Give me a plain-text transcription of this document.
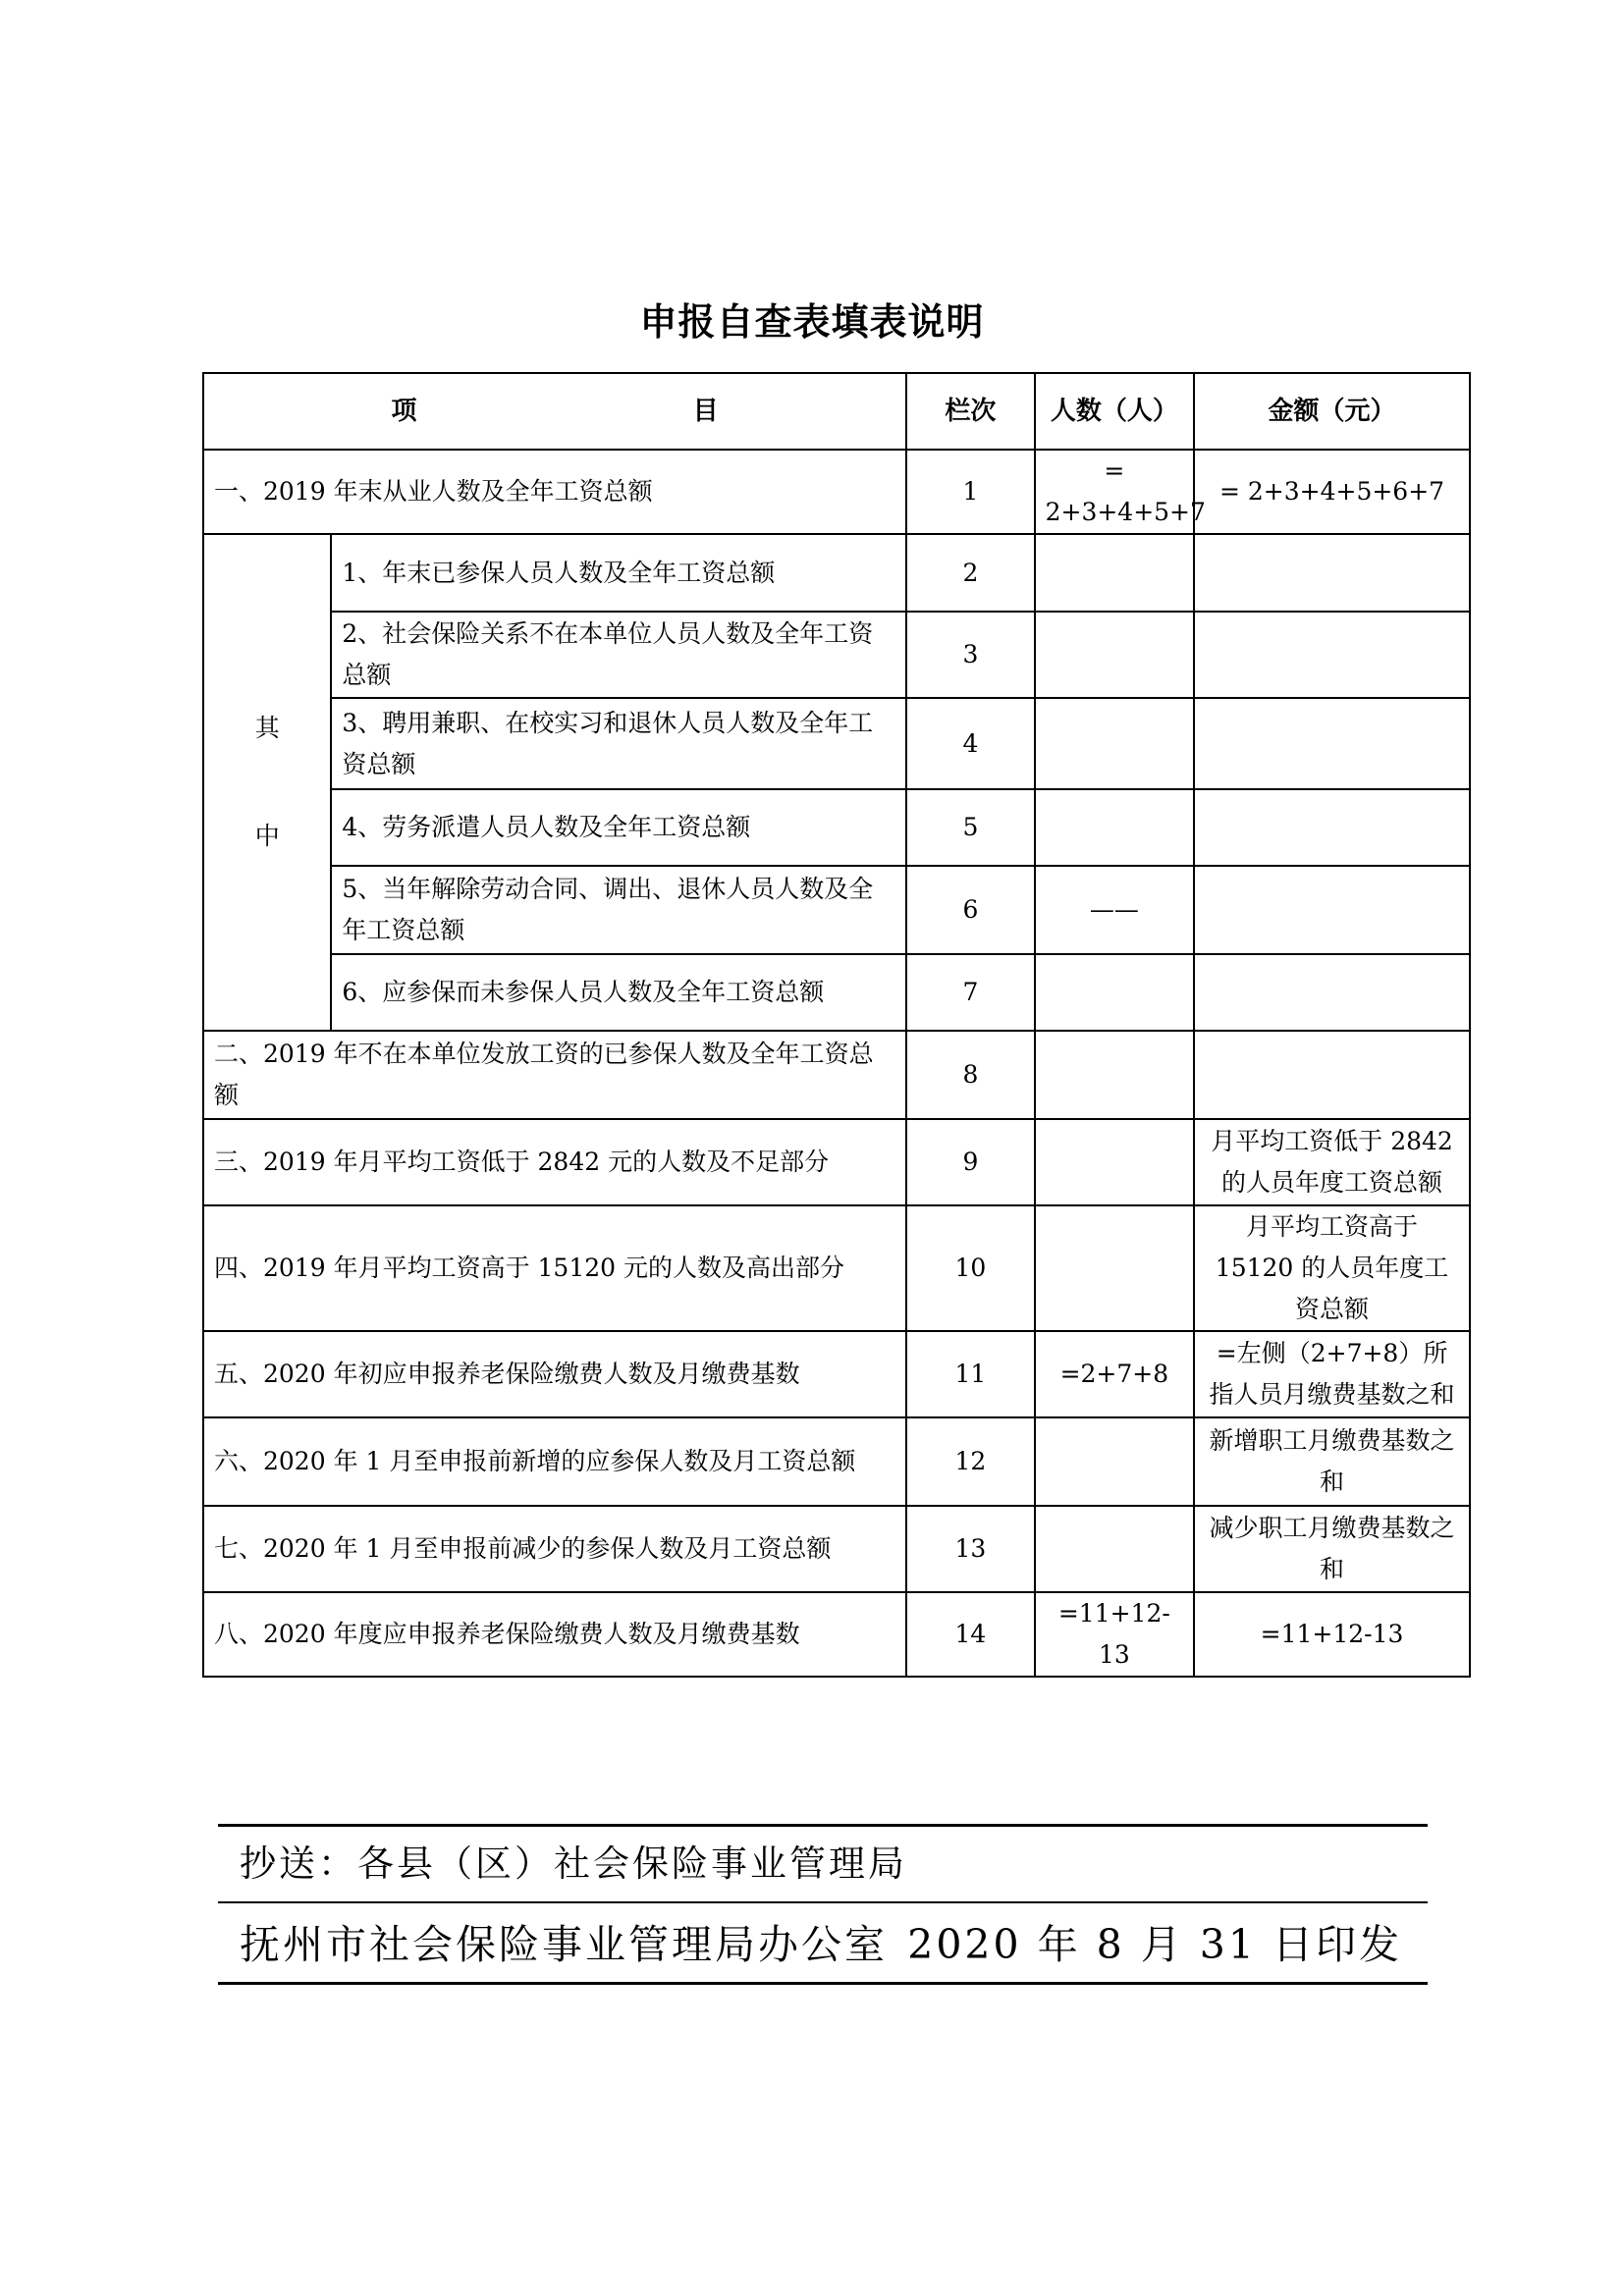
申报自查表填表说明
项 目		栏次	人数（人）	金额（元）
一、2019 年末从业人数及全年工资总额		1	= 2+3+4+5+7	= 2+3+4+5+6+7

其
中	1、年末已参保人员人数及全年工资总额	2		
	2、社会保险关系不在本单位人员人数及全年工资总额	3		
	3、聘用兼职、在校实习和退休人员人数及全年工资总额	4		
	4、劳务派遣人员人数及全年工资总额	5		
	5、当年解除劳动合同、调出、退休人员人数及全年工资总额	6	——	
	6、应参保而未参保人员人数及全年工资总额	7		
二、2019 年不在本单位发放工资的已参保人数及全年工资总额		8		
三、2019 年月平均工资低于 2842 元的人数及不足部分		9		月平均工资低于 2842 的人员年度工资总额
四、2019 年月平均工资高于 15120 元的人数及高出部分		10		月平均工资高于 15120 的人员年度工资总额
五、2020 年初应申报养老保险缴费人数及月缴费基数		11	=2+7+8	=左侧（2+7+8）所指人员月缴费基数之和
六、2020 年 1 月至申报前新增的应参保人数及月工资总额		12		新增职工月缴费基数之和
七、2020 年 1 月至申报前减少的参保人数及月工资总额		13		减少职工月缴费基数之和
八、2020 年度应申报养老保险缴费人数及月缴费基数		14	=11+12-13	=11+12-13
抄送：各县（区）社会保险事业管理局
抚州市社会保险事业管理局办公室 2020 年 8 月 31 日印发
